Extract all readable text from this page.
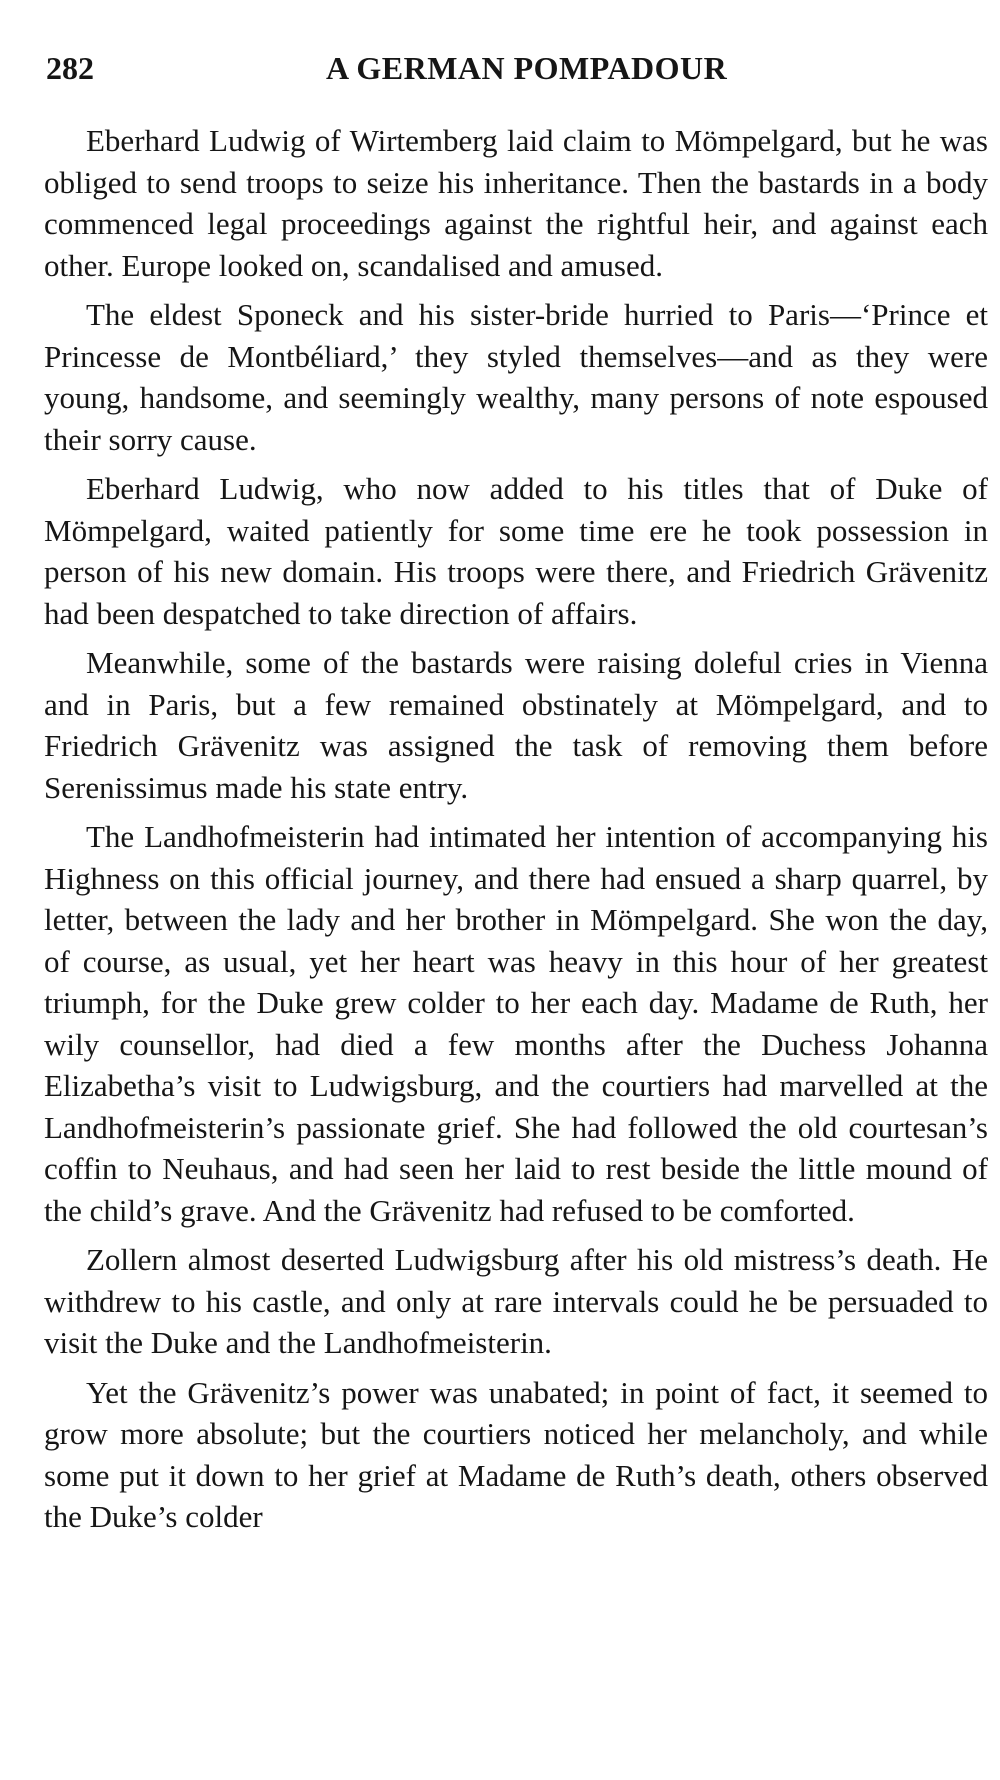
282	A GERMAN POMPADOUR

Eberhard Ludwig of Wirtemberg laid claim to Mömpelgard, but he was obliged to send troops to seize his inheritance. Then the bastards in a body commenced legal proceedings against the rightful heir, and against each other. Europe looked on, scandalised and amused.

The eldest Sponeck and his sister-bride hurried to Paris—‘Prince et Princesse de Montbéliard,’ they styled themselves—and as they were young, handsome, and seemingly wealthy, many persons of note espoused their sorry cause.

Eberhard Ludwig, who now added to his titles that of Duke of Mömpelgard, waited patiently for some time ere he took possession in person of his new domain. His troops were there, and Friedrich Grävenitz had been despatched to take direction of affairs.

Meanwhile, some of the bastards were raising doleful cries in Vienna and in Paris, but a few remained obstinately at Mömpelgard, and to Friedrich Grävenitz was assigned the task of removing them before Serenissimus made his state entry.

The Landhofmeisterin had intimated her intention of accompanying his Highness on this official journey, and there had ensued a sharp quarrel, by letter, between the lady and her brother in Mömpelgard. She won the day, of course, as usual, yet her heart was heavy in this hour of her greatest triumph, for the Duke grew colder to her each day. Madame de Ruth, her wily counsellor, had died a few months after the Duchess Johanna Elizabetha’s visit to Ludwigsburg, and the courtiers had marvelled at the Landhofmeisterin’s passionate grief. She had followed the old courtesan’s coffin to Neuhaus, and had seen her laid to rest beside the little mound of the child’s grave. And the Grävenitz had refused to be comforted.

Zollern almost deserted Ludwigsburg after his old mistress’s death. He withdrew to his castle, and only at rare intervals could he be persuaded to visit the Duke and the Landhofmeisterin.

Yet the Grävenitz’s power was unabated; in point of fact, it seemed to grow more absolute; but the courtiers noticed her melancholy, and while some put it down to her grief at Madame de Ruth’s death, others observed the Duke’s colder
